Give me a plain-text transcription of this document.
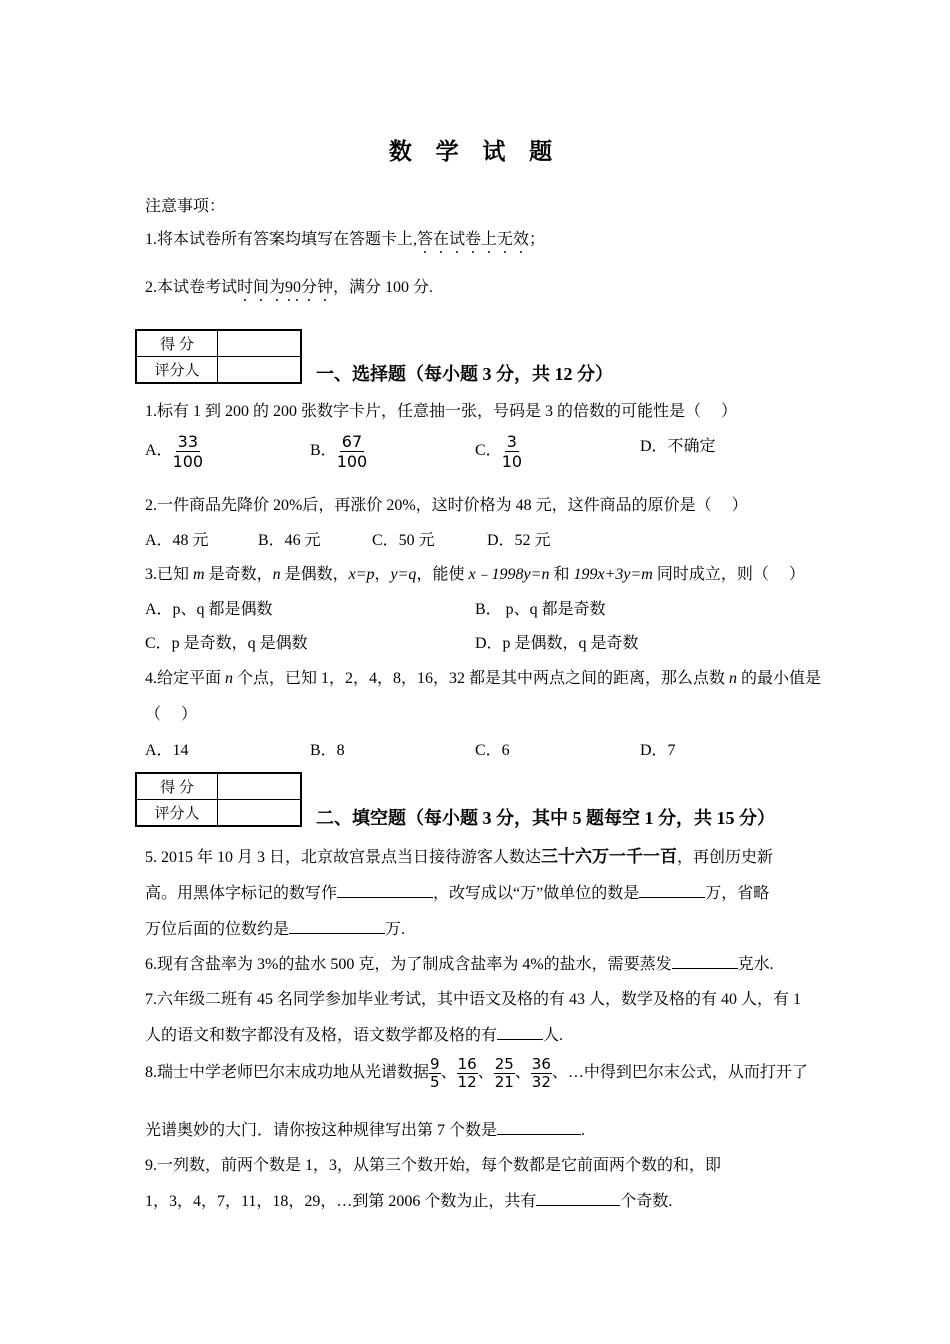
数 学 试 题
注意事项：
1.将本试卷所有答案均填写在答题卡上,答在试卷上无效；
2.本试卷考试时间为90分钟，满分 100 分.
得 分	
评分人		一、选择题（每小题 3 分，共 12 分）
1.标有 1 到 200 的 200 张数字卡片，任意抽一张，号码是 3 的倍数的可能性是（　 ）
A． $\frac{33}{100}$	B． $\frac{67}{100}$	C． $\frac{3}{10}$	D．不确定
2.一件商品先降价 20%后，再涨价 20%，这时价格为 48 元，这件商品的原价是（　 ）
A．48 元	B．46 元	C．50 元	D．52 元
3.已知 m 是奇数，n 是偶数，x=p，y=q，能使 x﹣1998y=n 和 199x+3y=m 同时成立，则（　 ）
A．p、q 都是偶数	B． p、q 都是奇数
C．p 是奇数，q 是偶数	D．p 是偶数，q 是奇数
4.给定平面 n 个点，已知 1，2，4，8，16，32 都是其中两点之间的距离，那么点数 n 的最小值是
（　 ）
A．14	B．8	C．6	D．7
得 分	
评分人		二、填空题（每小题 3 分，其中 5 题每空 1 分，共 15 分）
5. 2015 年 10 月 3 日，北京故宫景点当日接待游客人数达三十六万一千一百，再创历史新
高。用黑体字标记的数写作	，改写成以“万”做单位的数是	万，省略
万位后面的位数约是	万.
6.现有含盐率为 3%的盐水 500 克，为了制成含盐率为 4%的盐水，需要蒸发	克水.
7.六年级二班有 45 名同学参加毕业考试，其中语文及格的有 43 人，数学及格的有 40 人，有 1
人的语文和数字都没有及格，语文数学都及格的有	人.
8.瑞士中学老师巴尔末成功地从光谱数据 $\frac{9}{5}$ 、 $\frac{16}{12}$ 、 $\frac{25}{21}$ 、 $\frac{36}{32}$ 、…中得到巴尔末公式，从而打开了
光谱奥妙的大门．请你按这种规律写出第 7 个数是	.
9.一列数，前两个数是 1，3，从第三个数开始，每个数都是它前面两个数的和，即
1，3，4，7，11，18，29，…到第 2006 个数为止，共有	个奇数.
